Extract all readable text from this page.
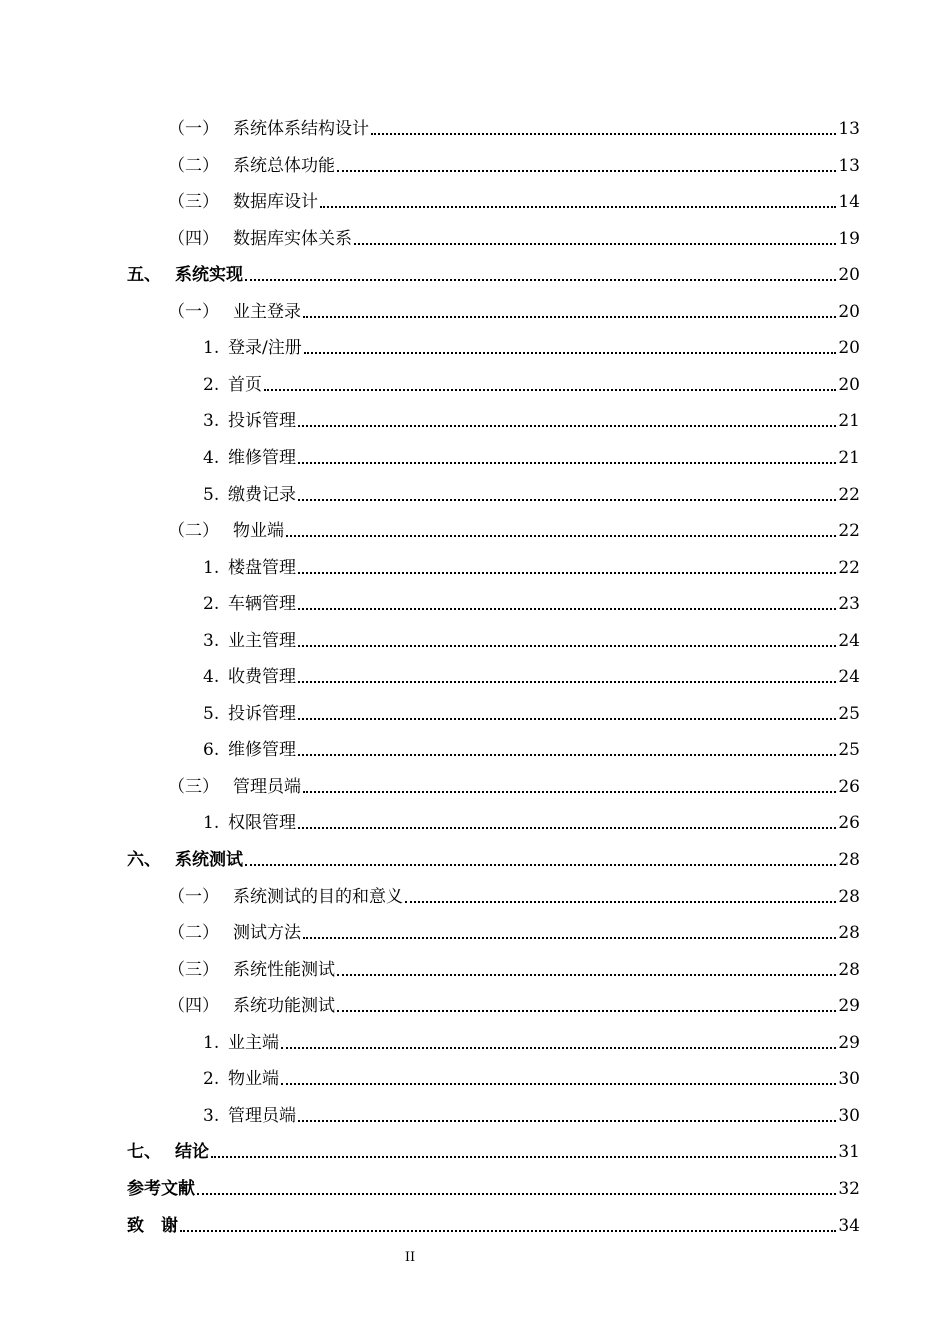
（一） 系统体系结构设计	13
（二） 系统总体功能	13
（三） 数据库设计	14
（四） 数据库实体关系	19
五、 系统实现	20
（一） 业主登录	20
1. 登录/注册	20
2. 首页	20
3. 投诉管理	21
4. 维修管理	21
5. 缴费记录	22
（二） 物业端	22
1. 楼盘管理	22
2. 车辆管理	23
3. 业主管理	24
4. 收费管理	24
5. 投诉管理	25
6. 维修管理	25
（三） 管理员端	26
1. 权限管理	26
六、 系统测试	28
（一） 系统测试的目的和意义	28
（二） 测试方法	28
（三） 系统性能测试	28
（四） 系统功能测试	29
1. 业主端	29
2. 物业端	30
3. 管理员端	30
七、 结论	31
参考文献	32
致　谢	34
II
